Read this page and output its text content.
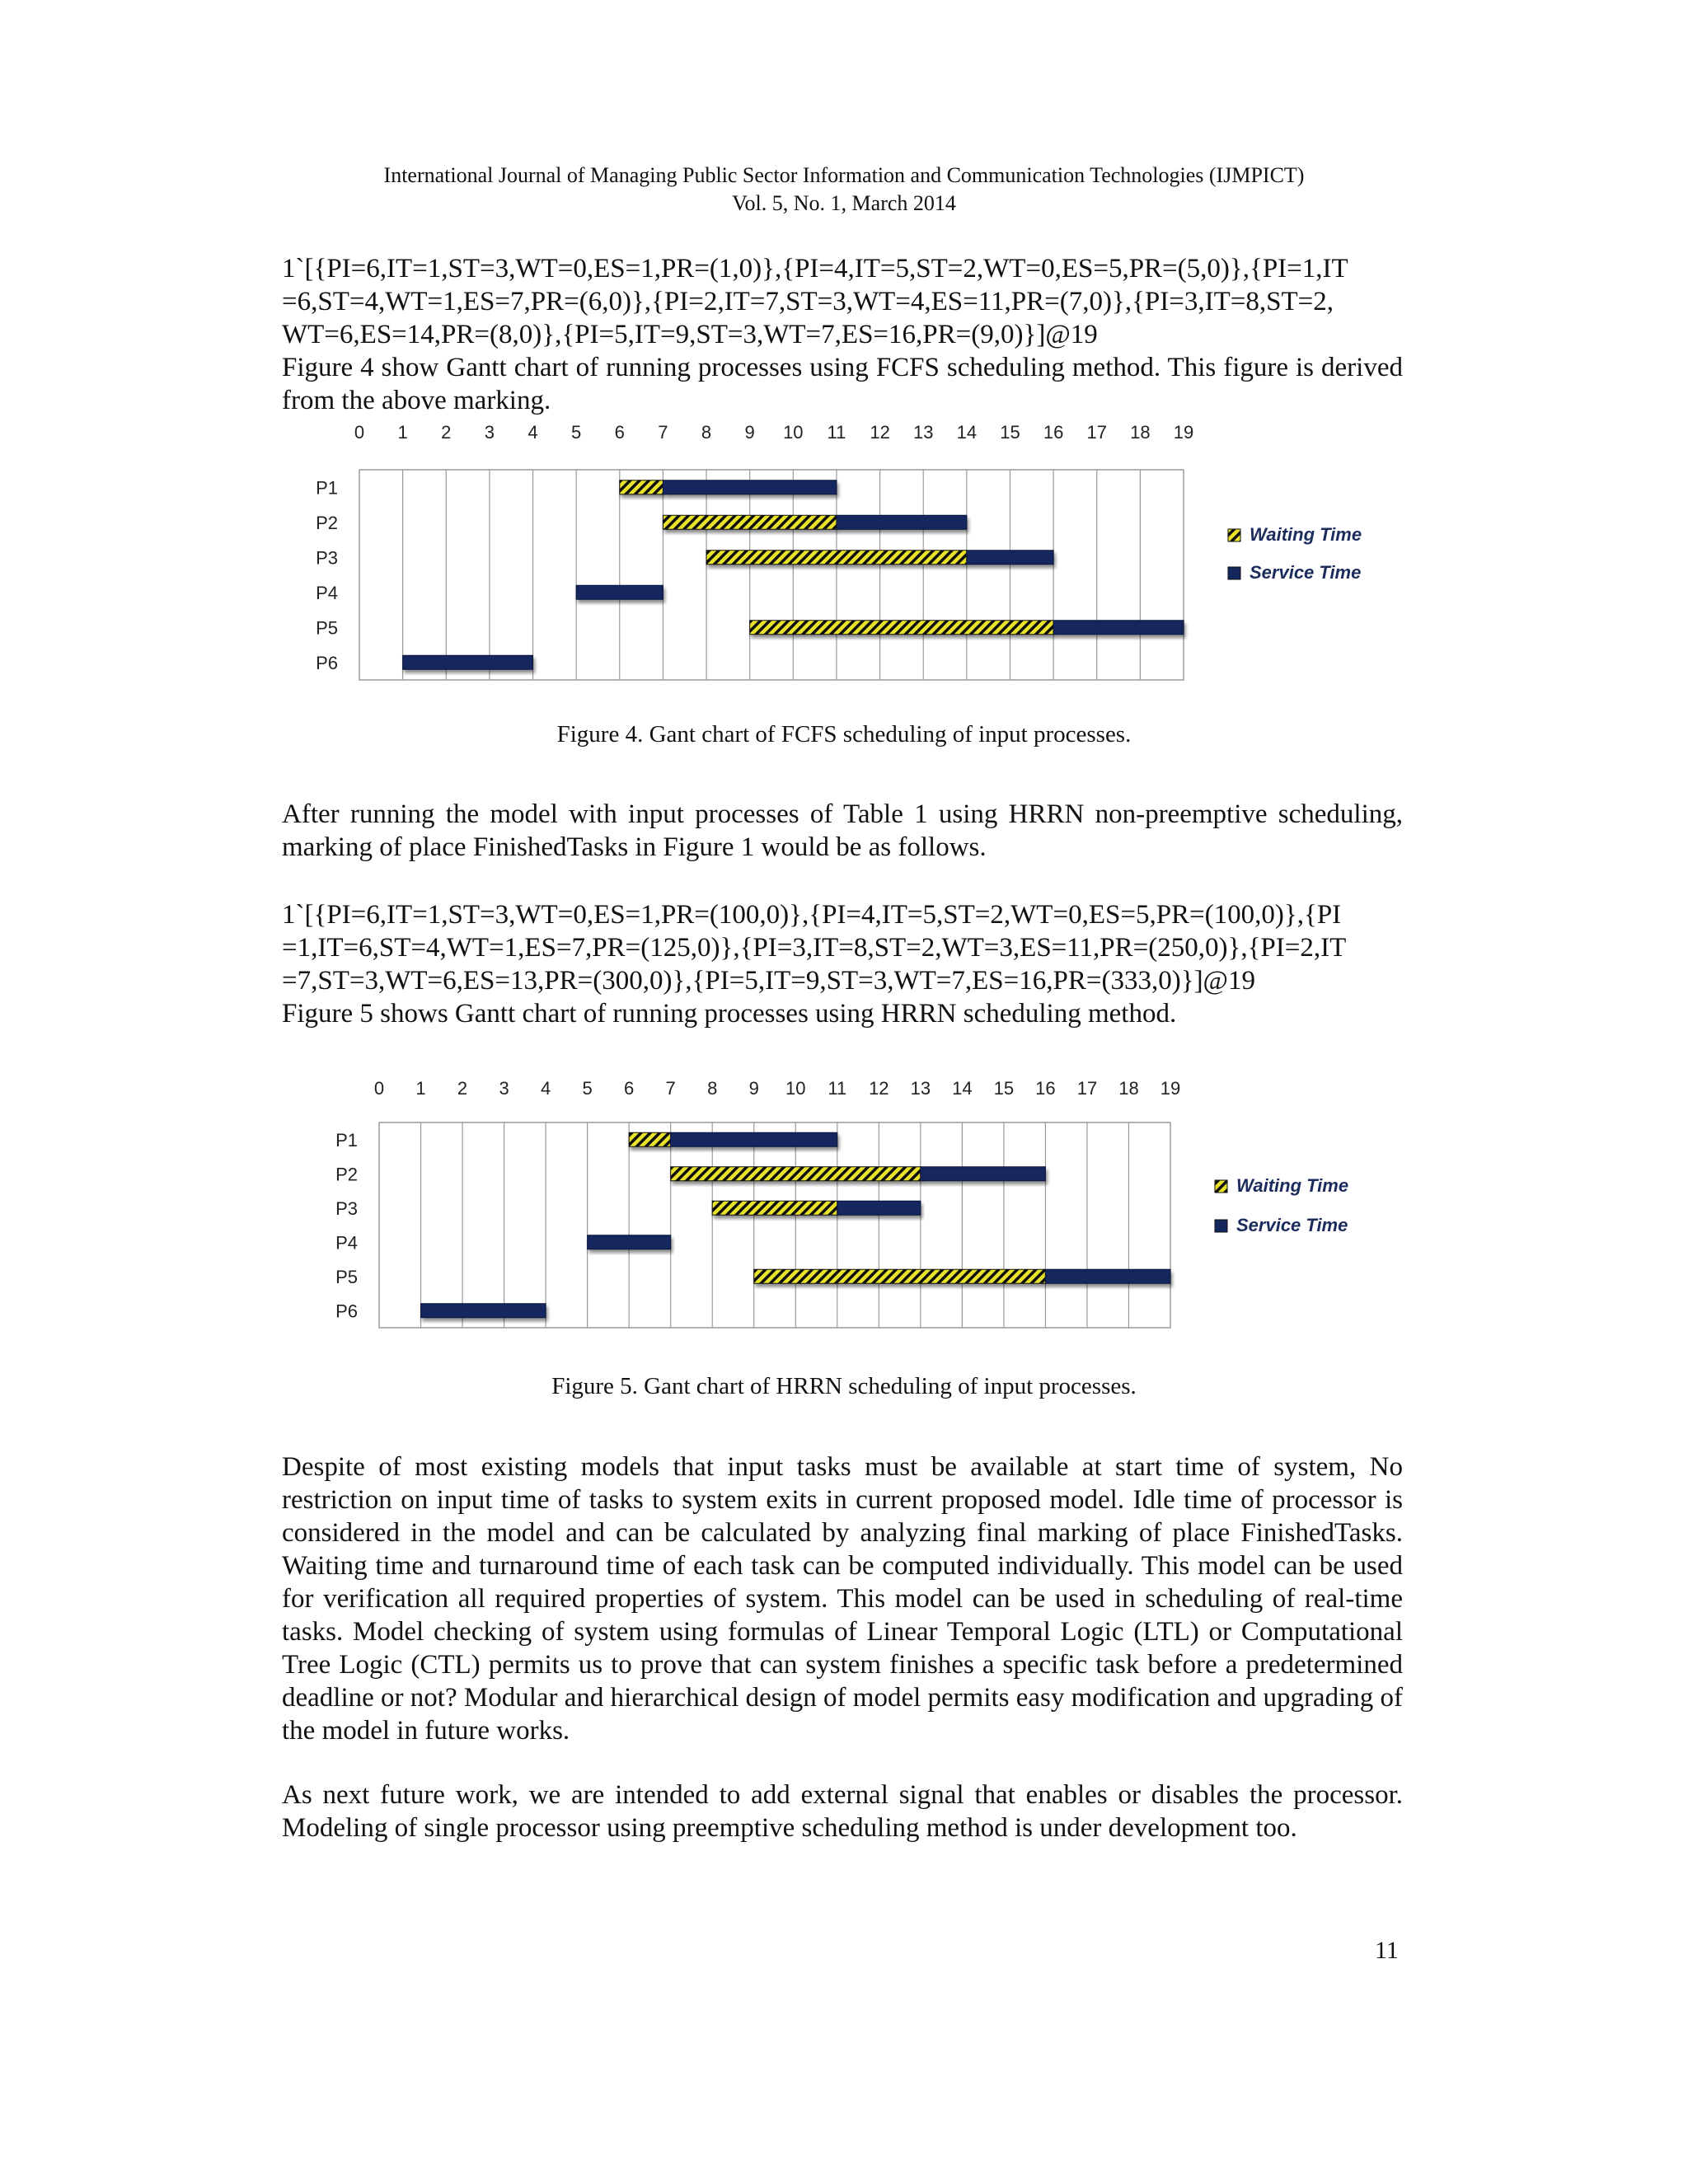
International Journal of Managing Public Sector Information and Communication Technologies (IJMPICT)
Vol. 5, No. 1, March 2014
1`[{PI=6,IT=1,ST=3,WT=0,ES=1,PR=(1,0)},{PI=4,IT=5,ST=2,WT=0,ES=5,PR=(5,0)},{PI=1,IT
=6,ST=4,WT=1,ES=7,PR=(6,0)},{PI=2,IT=7,ST=3,WT=4,ES=11,PR=(7,0)},{PI=3,IT=8,ST=2,
WT=6,ES=14,PR=(8,0)},{PI=5,IT=9,ST=3,WT=7,ES=16,PR=(9,0)}]@19

Figure 4 show Gantt chart of running processes using FCFS scheduling method. This figure is derived from the above marking.

0 1 2 3 4 5 6 7 8 9 10 11 12 13 14 15 16 17 18 19
P1
P2
P3
P4
P5
P6
Waiting Time
Service Time
Figure 4. Gant chart of FCFS scheduling of input processes.

After running the model with input processes of Table 1 using HRRN non-preemptive scheduling, marking of place FinishedTasks in Figure 1 would be as follows.

1`[{PI=6,IT=1,ST=3,WT=0,ES=1,PR=(100,0)},{PI=4,IT=5,ST=2,WT=0,ES=5,PR=(100,0)},{PI
=1,IT=6,ST=4,WT=1,ES=7,PR=(125,0)},{PI=3,IT=8,ST=2,WT=3,ES=11,PR=(250,0)},{PI=2,IT
=7,ST=3,WT=6,ES=13,PR=(300,0)},{PI=5,IT=9,ST=3,WT=7,ES=16,PR=(333,0)}]@19

Figure 5 shows Gantt chart of running processes using HRRN scheduling method.

0 1 2 3 4 5 6 7 8 9 10 11 12 13 14 15 16 17 18 19
P1
P2
P3
P4
P5
P6
Waiting Time
Service Time
Figure 5. Gant chart of HRRN scheduling of input processes.

Despite of most existing models that input tasks must be available at start time of system, No restriction on input time of tasks to system exits in current proposed model. Idle time of processor is considered in the model and can be calculated by analyzing final marking of place FinishedTasks. Waiting time and turnaround time of each task can be computed individually. This model can be used for verification all required properties of system. This model can be used in scheduling of real-time tasks. Model checking of system using formulas of Linear Temporal Logic (LTL) or Computational Tree Logic (CTL) permits us to prove that can system finishes a specific task before a predetermined deadline or not? Modular and hierarchical design of model permits easy modification and upgrading of the model in future works.

As next future work, we are intended to add external signal that enables or disables the processor. Modeling of single processor using preemptive scheduling method is under development too.

11
